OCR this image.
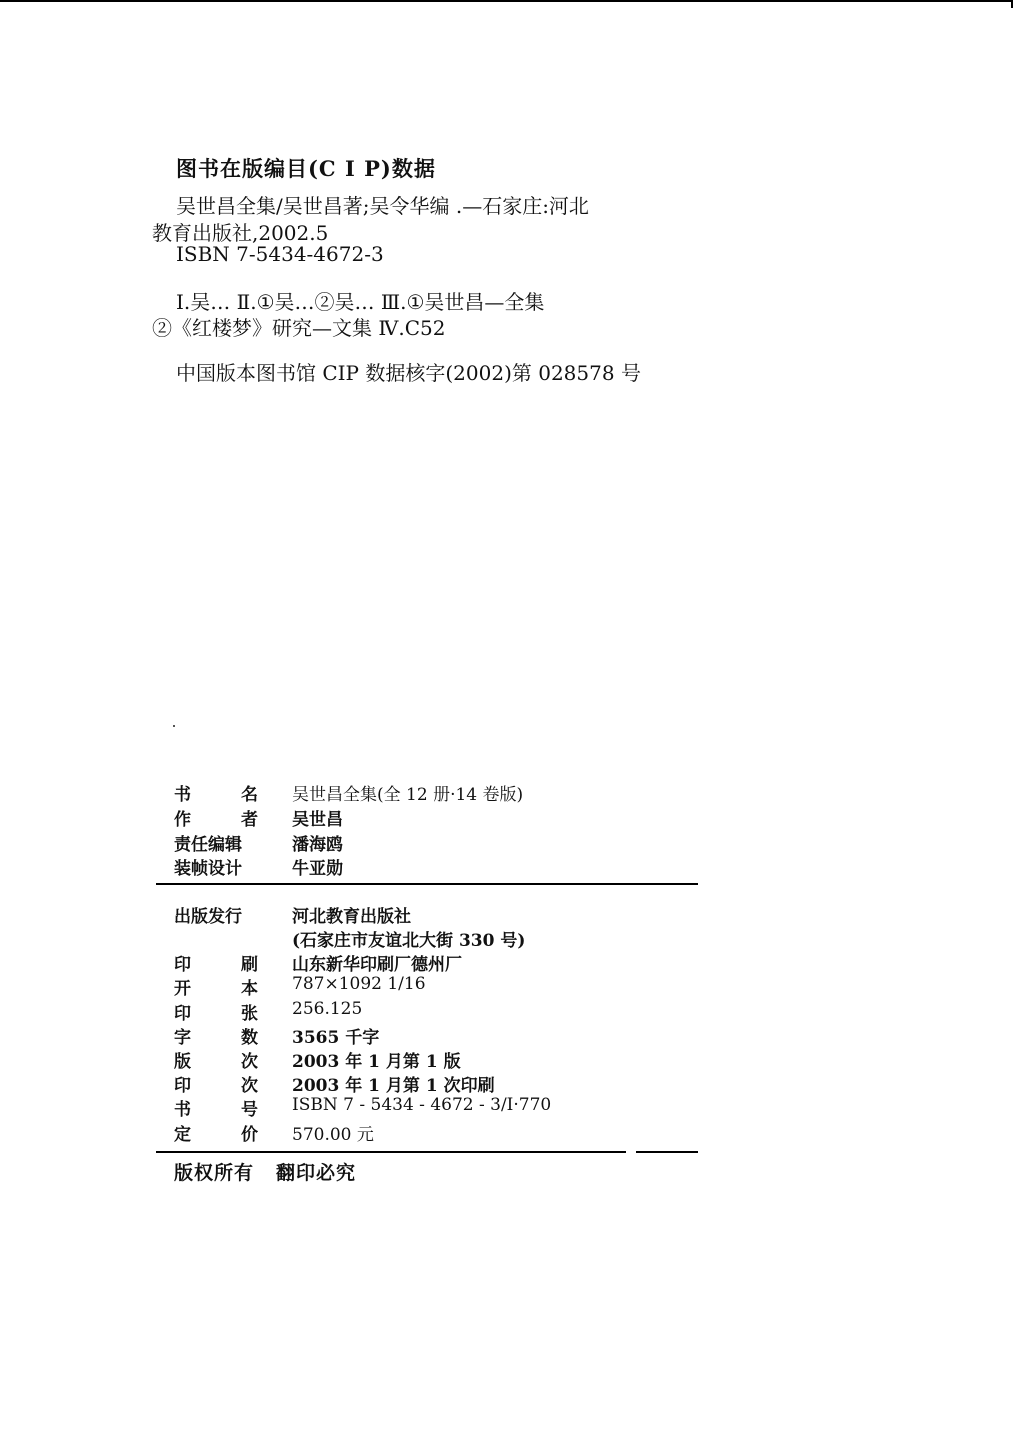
图书在版编目(C I P)数据
吴世昌全集/吴世昌著;吴令华编 .—石家庄:河北
教育出版社,2002.5
ISBN 7-5434-4672-3
Ⅰ.吴… Ⅱ.①吴…②吴… Ⅲ.①吴世昌—全集
②《红楼梦》研究—文集 Ⅳ.C52
中国版本图书馆 CIP 数据核字(2002)第 028578 号
书	名 吴世昌全集(全 12 册·14 卷版)
作	者 吴世昌
责任编辑	潘海鸥
装帧设计	牛亚勋
出版发行	河北教育出版社
(石家庄市友谊北大街 330 号)
印	刷 山东新华印刷厂德州厂
开	本 787×1092 1/16
印	张 256.125
字	数 3565 千字
版	次 2003 年 1 月第 1 版
印	次 2003 年 1 月第 1 次印刷
书	号 ISBN 7 - 5434 - 4672 - 3/I·770
定	价 570.00 元
版权所有 翻印必究
